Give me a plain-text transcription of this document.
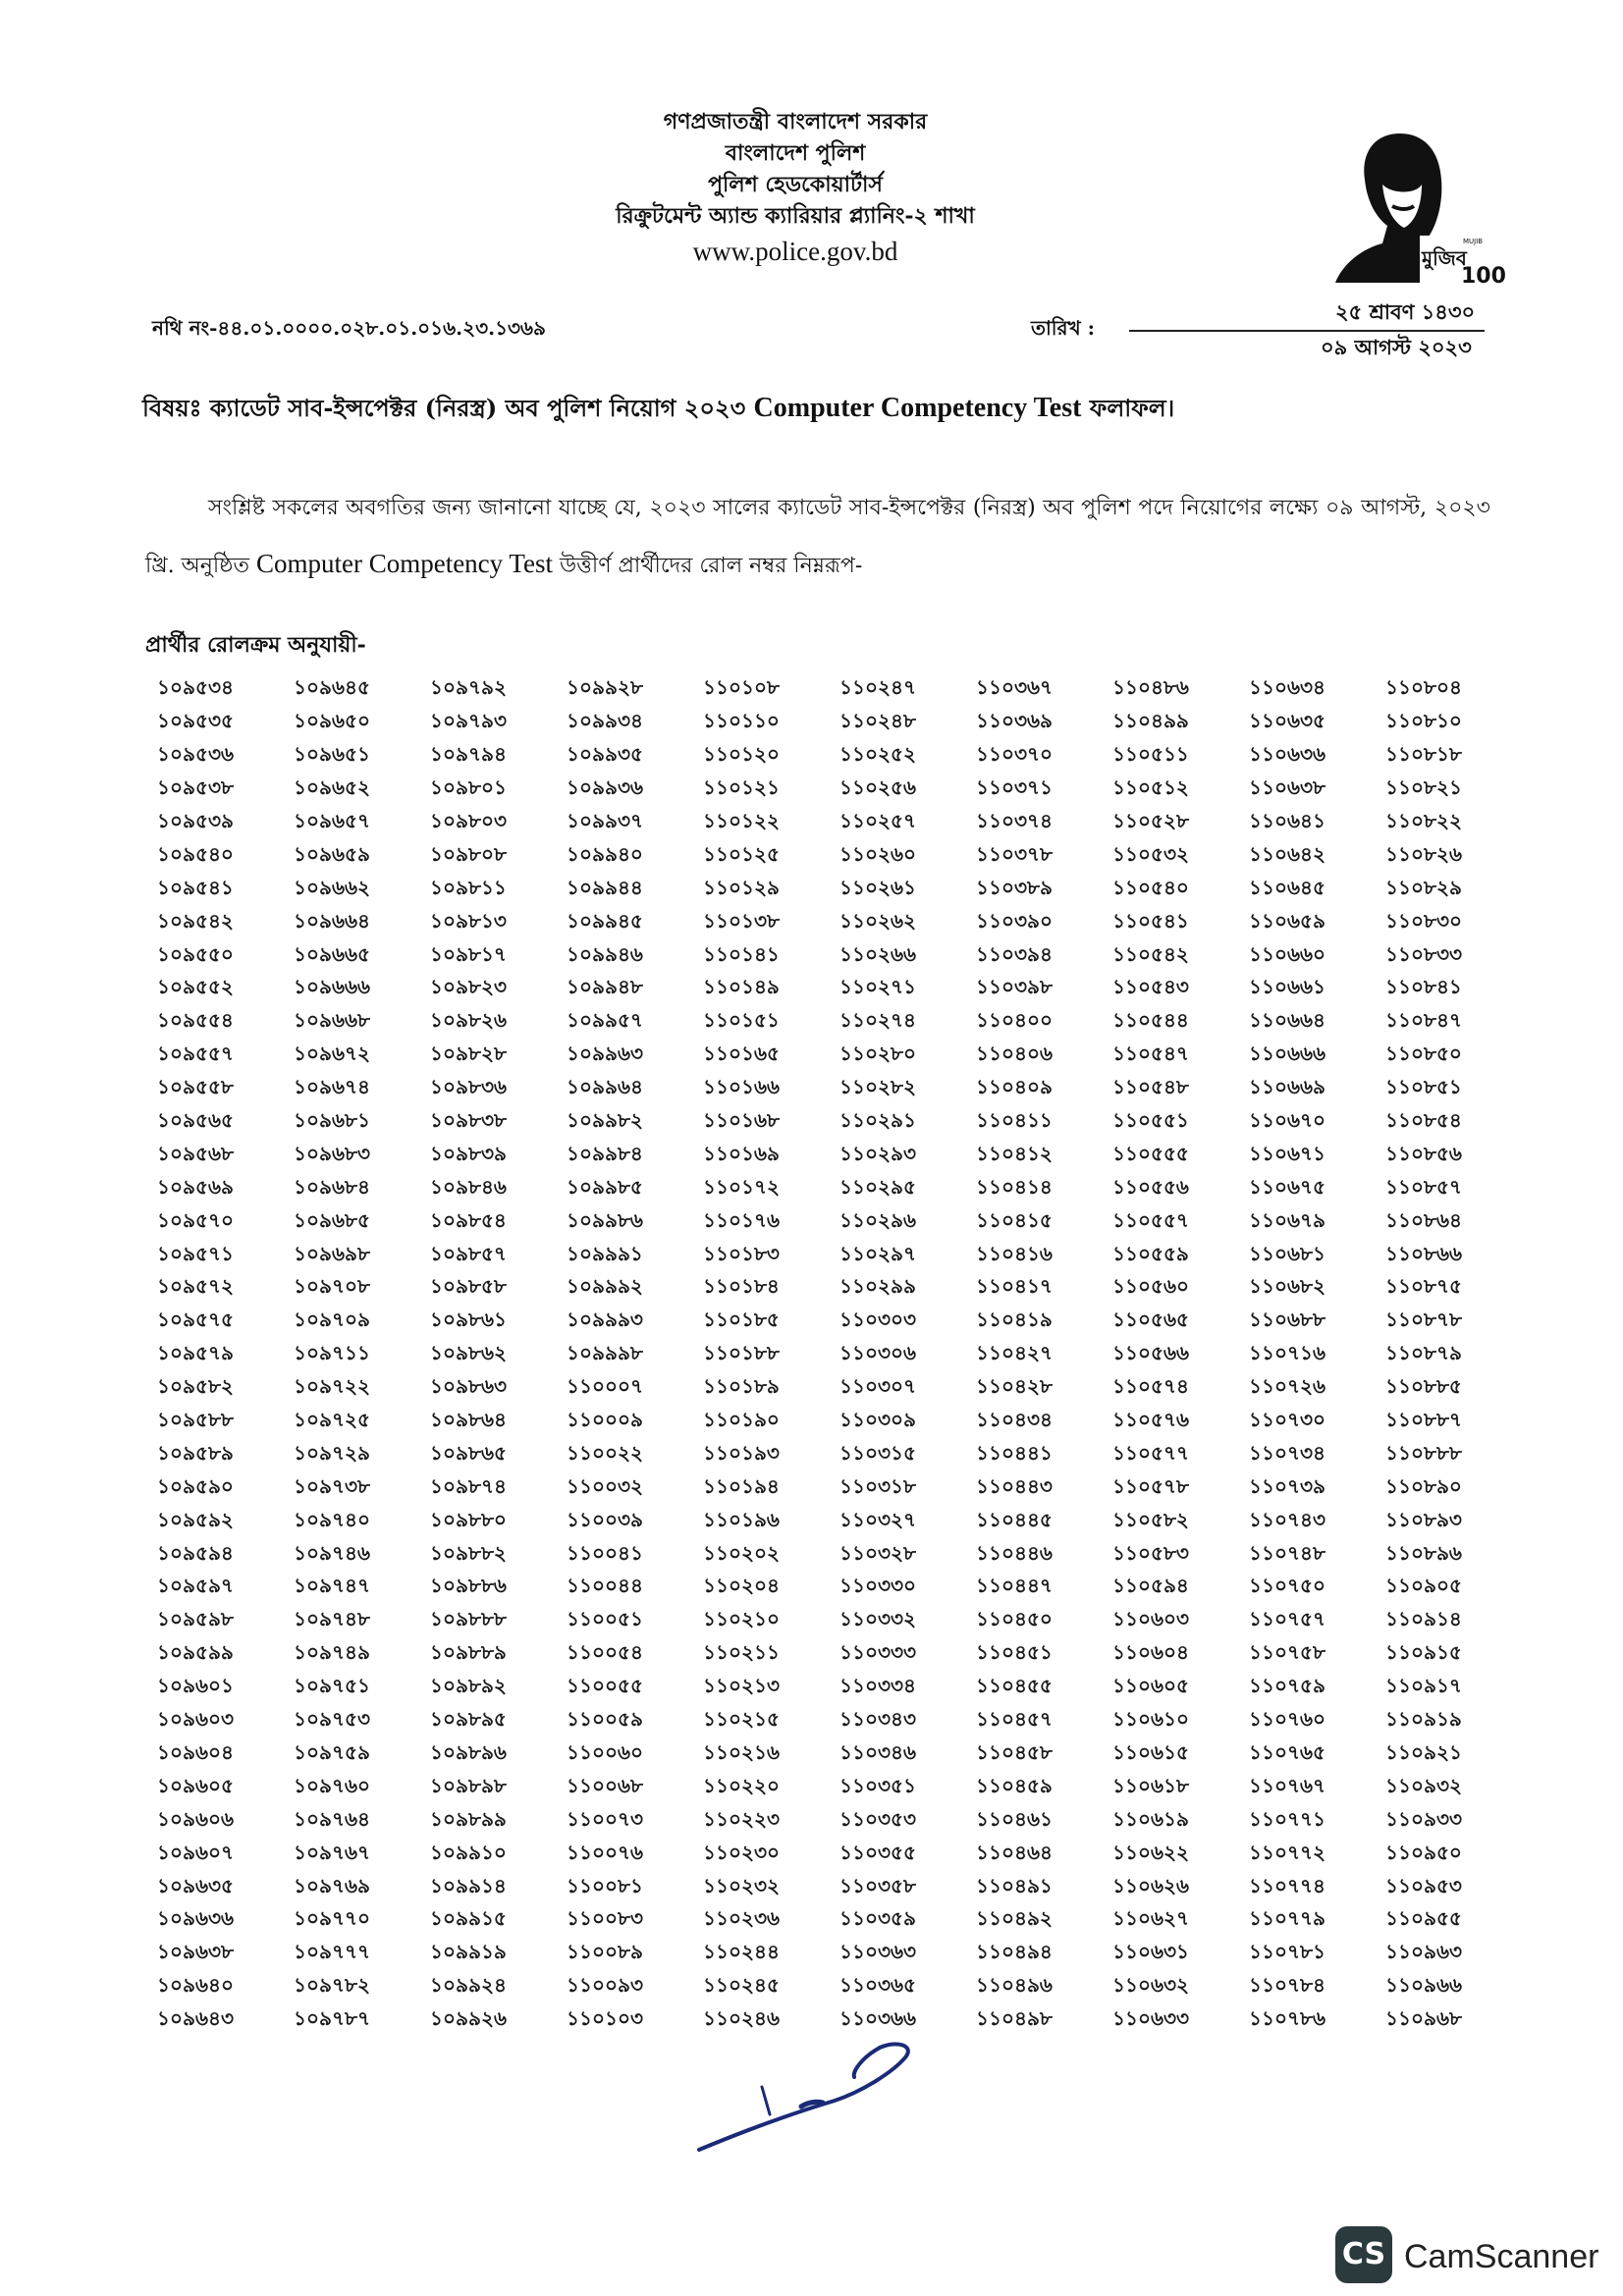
গণপ্রজাতন্ত্রী বাংলাদেশ সরকার
বাংলাদেশ পুলিশ
পুলিশ হেডকোয়ার্টার্স
রিক্রুটমেন্ট অ্যান্ড ক্যারিয়ার প্ল্যানিং-২ শাখা
www.police.gov.bd	মুজিব
MUJIB
100
নথি নং-৪৪.০১.০০০০.০২৮.০১.০১৬.২৩.১৩৬৯	তারিখ :
২৫ শ্রাবণ ১৪৩০
০৯ আগস্ট ২০২৩
বিষয়ঃ ক্যাডেট সাব-ইন্সপেক্টর (নিরস্ত্র) অব পুলিশ নিয়োগ ২০২৩ Computer Competency Test ফলাফল।
সংশ্লিষ্ট সকলের অবগতির জন্য জানানো যাচ্ছে যে, ২০২৩ সালের ক্যাডেট সাব-ইন্সপেক্টর (নিরস্ত্র) অব পুলিশ পদে নিয়োগের লক্ষ্যে ০৯ আগস্ট, ২০২৩ খ্রি. অনুষ্ঠিত Computer Competency Test উত্তীর্ণ প্রার্থীদের রোল নম্বর নিম্নরূপ-
প্রার্থীর রোলক্রম অনুযায়ী-
১০৯৫৩৪	১০৯৬৪৫	১০৯৭৯২	১০৯৯২৮	১১০১০৮	১১০২৪৭	১১০৩৬৭	১১০৪৮৬	১১০৬৩৪	১১০৮০৪
১০৯৫৩৫	১০৯৬৫০	১০৯৭৯৩	১০৯৯৩৪	১১০১১০	১১০২৪৮	১১০৩৬৯	১১০৪৯৯	১১০৬৩৫	১১০৮১০
১০৯৫৩৬	১০৯৬৫১	১০৯৭৯৪	১০৯৯৩৫	১১০১২০	১১০২৫২	১১০৩৭০	১১০৫১১	১১০৬৩৬	১১০৮১৮
১০৯৫৩৮	১০৯৬৫২	১০৯৮০১	১০৯৯৩৬	১১০১২১	১১০২৫৬	১১০৩৭১	১১০৫১২	১১০৬৩৮	১১০৮২১
১০৯৫৩৯	১০৯৬৫৭	১০৯৮০৩	১০৯৯৩৭	১১০১২২	১১০২৫৭	১১০৩৭৪	১১০৫২৮	১১০৬৪১	১১০৮২২
১০৯৫৪০	১০৯৬৫৯	১০৯৮০৮	১০৯৯৪০	১১০১২৫	১১০২৬০	১১০৩৭৮	১১০৫৩২	১১০৬৪২	১১০৮২৬
১০৯৫৪১	১০৯৬৬২	১০৯৮১১	১০৯৯৪৪	১১০১২৯	১১০২৬১	১১০৩৮৯	১১০৫৪০	১১০৬৪৫	১১০৮২৯
১০৯৫৪২	১০৯৬৬৪	১০৯৮১৩	১০৯৯৪৫	১১০১৩৮	১১০২৬২	১১০৩৯০	১১০৫৪১	১১০৬৫৯	১১০৮৩০
১০৯৫৫০	১০৯৬৬৫	১০৯৮১৭	১০৯৯৪৬	১১০১৪১	১১০২৬৬	১১০৩৯৪	১১০৫৪২	১১০৬৬০	১১০৮৩৩
১০৯৫৫২	১০৯৬৬৬	১০৯৮২৩	১০৯৯৪৮	১১০১৪৯	১১০২৭১	১১০৩৯৮	১১০৫৪৩	১১০৬৬১	১১০৮৪১
১০৯৫৫৪	১০৯৬৬৮	১০৯৮২৬	১০৯৯৫৭	১১০১৫১	১১০২৭৪	১১০৪০০	১১০৫৪৪	১১০৬৬৪	১১০৮৪৭
১০৯৫৫৭	১০৯৬৭২	১০৯৮২৮	১০৯৯৬৩	১১০১৬৫	১১০২৮০	১১০৪০৬	১১০৫৪৭	১১০৬৬৬	১১০৮৫০
১০৯৫৫৮	১০৯৬৭৪	১০৯৮৩৬	১০৯৯৬৪	১১০১৬৬	১১০২৮২	১১০৪০৯	১১০৫৪৮	১১০৬৬৯	১১০৮৫১
১০৯৫৬৫	১০৯৬৮১	১০৯৮৩৮	১০৯৯৮২	১১০১৬৮	১১০২৯১	১১০৪১১	১১০৫৫১	১১০৬৭০	১১০৮৫৪
১০৯৫৬৮	১০৯৬৮৩	১০৯৮৩৯	১০৯৯৮৪	১১০১৬৯	১১০২৯৩	১১০৪১২	১১০৫৫৫	১১০৬৭১	১১০৮৫৬
১০৯৫৬৯	১০৯৬৮৪	১০৯৮৪৬	১০৯৯৮৫	১১০১৭২	১১০২৯৫	১১০৪১৪	১১০৫৫৬	১১০৬৭৫	১১০৮৫৭
১০৯৫৭০	১০৯৬৮৫	১০৯৮৫৪	১০৯৯৮৬	১১০১৭৬	১১০২৯৬	১১০৪১৫	১১০৫৫৭	১১০৬৭৯	১১০৮৬৪
১০৯৫৭১	১০৯৬৯৮	১০৯৮৫৭	১০৯৯৯১	১১০১৮৩	১১০২৯৭	১১০৪১৬	১১০৫৫৯	১১০৬৮১	১১০৮৬৬
১০৯৫৭২	১০৯৭০৮	১০৯৮৫৮	১০৯৯৯২	১১০১৮৪	১১০২৯৯	১১০৪১৭	১১০৫৬০	১১০৬৮২	১১০৮৭৫
১০৯৫৭৫	১০৯৭০৯	১০৯৮৬১	১০৯৯৯৩	১১০১৮৫	১১০৩০৩	১১০৪১৯	১১০৫৬৫	১১০৬৮৮	১১০৮৭৮
১০৯৫৭৯	১০৯৭১১	১০৯৮৬২	১০৯৯৯৮	১১০১৮৮	১১০৩০৬	১১০৪২৭	১১০৫৬৬	১১০৭১৬	১১০৮৭৯
১০৯৫৮২	১০৯৭২২	১০৯৮৬৩	১১০০০৭	১১০১৮৯	১১০৩০৭	১১০৪২৮	১১০৫৭৪	১১০৭২৬	১১০৮৮৫
১০৯৫৮৮	১০৯৭২৫	১০৯৮৬৪	১১০০০৯	১১০১৯০	১১০৩০৯	১১০৪৩৪	১১০৫৭৬	১১০৭৩০	১১০৮৮৭
১০৯৫৮৯	১০৯৭২৯	১০৯৮৬৫	১১০০২২	১১০১৯৩	১১০৩১৫	১১০৪৪১	১১০৫৭৭	১১০৭৩৪	১১০৮৮৮
১০৯৫৯০	১০৯৭৩৮	১০৯৮৭৪	১১০০৩২	১১০১৯৪	১১০৩১৮	১১০৪৪৩	১১০৫৭৮	১১০৭৩৯	১১০৮৯০
১০৯৫৯২	১০৯৭৪০	১০৯৮৮০	১১০০৩৯	১১০১৯৬	১১০৩২৭	১১০৪৪৫	১১০৫৮২	১১০৭৪৩	১১০৮৯৩
১০৯৫৯৪	১০৯৭৪৬	১০৯৮৮২	১১০০৪১	১১০২০২	১১০৩২৮	১১০৪৪৬	১১০৫৮৩	১১০৭৪৮	১১০৮৯৬
১০৯৫৯৭	১০৯৭৪৭	১০৯৮৮৬	১১০০৪৪	১১০২০৪	১১০৩৩০	১১০৪৪৭	১১০৫৯৪	১১০৭৫০	১১০৯০৫
১০৯৫৯৮	১০৯৭৪৮	১০৯৮৮৮	১১০০৫১	১১০২১০	১১০৩৩২	১১০৪৫০	১১০৬০৩	১১০৭৫৭	১১০৯১৪
১০৯৫৯৯	১০৯৭৪৯	১০৯৮৮৯	১১০০৫৪	১১০২১১	১১০৩৩৩	১১০৪৫১	১১০৬০৪	১১০৭৫৮	১১০৯১৫
১০৯৬০১	১০৯৭৫১	১০৯৮৯২	১১০০৫৫	১১০২১৩	১১০৩৩৪	১১০৪৫৫	১১০৬০৫	১১০৭৫৯	১১০৯১৭
১০৯৬০৩	১০৯৭৫৩	১০৯৮৯৫	১১০০৫৯	১১০২১৫	১১০৩৪৩	১১০৪৫৭	১১০৬১০	১১০৭৬০	১১০৯১৯
১০৯৬০৪	১০৯৭৫৯	১০৯৮৯৬	১১০০৬০	১১০২১৬	১১০৩৪৬	১১০৪৫৮	১১০৬১৫	১১০৭৬৫	১১০৯২১
১০৯৬০৫	১০৯৭৬০	১০৯৮৯৮	১১০০৬৮	১১০২২০	১১০৩৫১	১১০৪৫৯	১১০৬১৮	১১০৭৬৭	১১০৯৩২
১০৯৬০৬	১০৯৭৬৪	১০৯৮৯৯	১১০০৭৩	১১০২২৩	১১০৩৫৩	১১০৪৬১	১১০৬১৯	১১০৭৭১	১১০৯৩৩
১০৯৬০৭	১০৯৭৬৭	১০৯৯১০	১১০০৭৬	১১০২৩০	১১০৩৫৫	১১০৪৬৪	১১০৬২২	১১০৭৭২	১১০৯৫০
১০৯৬৩৫	১০৯৭৬৯	১০৯৯১৪	১১০০৮১	১১০২৩২	১১০৩৫৮	১১০৪৯১	১১০৬২৬	১১০৭৭৪	১১০৯৫৩
১০৯৬৩৬	১০৯৭৭০	১০৯৯১৫	১১০০৮৩	১১০২৩৬	১১০৩৫৯	১১০৪৯২	১১০৬২৭	১১০৭৭৯	১১০৯৫৫
১০৯৬৩৮	১০৯৭৭৭	১০৯৯১৯	১১০০৮৯	১১০২৪৪	১১০৩৬৩	১১০৪৯৪	১১০৬৩১	১১০৭৮১	১১০৯৬৩
১০৯৬৪০	১০৯৭৮২	১০৯৯২৪	১১০০৯৩	১১০২৪৫	১১০৩৬৫	১১০৪৯৬	১১০৬৩২	১১০৭৮৪	১১০৯৬৬
১০৯৬৪৩	১০৯৭৮৭	১০৯৯২৬	১১০১০৩	১১০২৪৬	১১০৩৬৬	১১০৪৯৮	১১০৬৩৩	১১০৭৮৬	১১০৯৬৮
CS CamScanner
